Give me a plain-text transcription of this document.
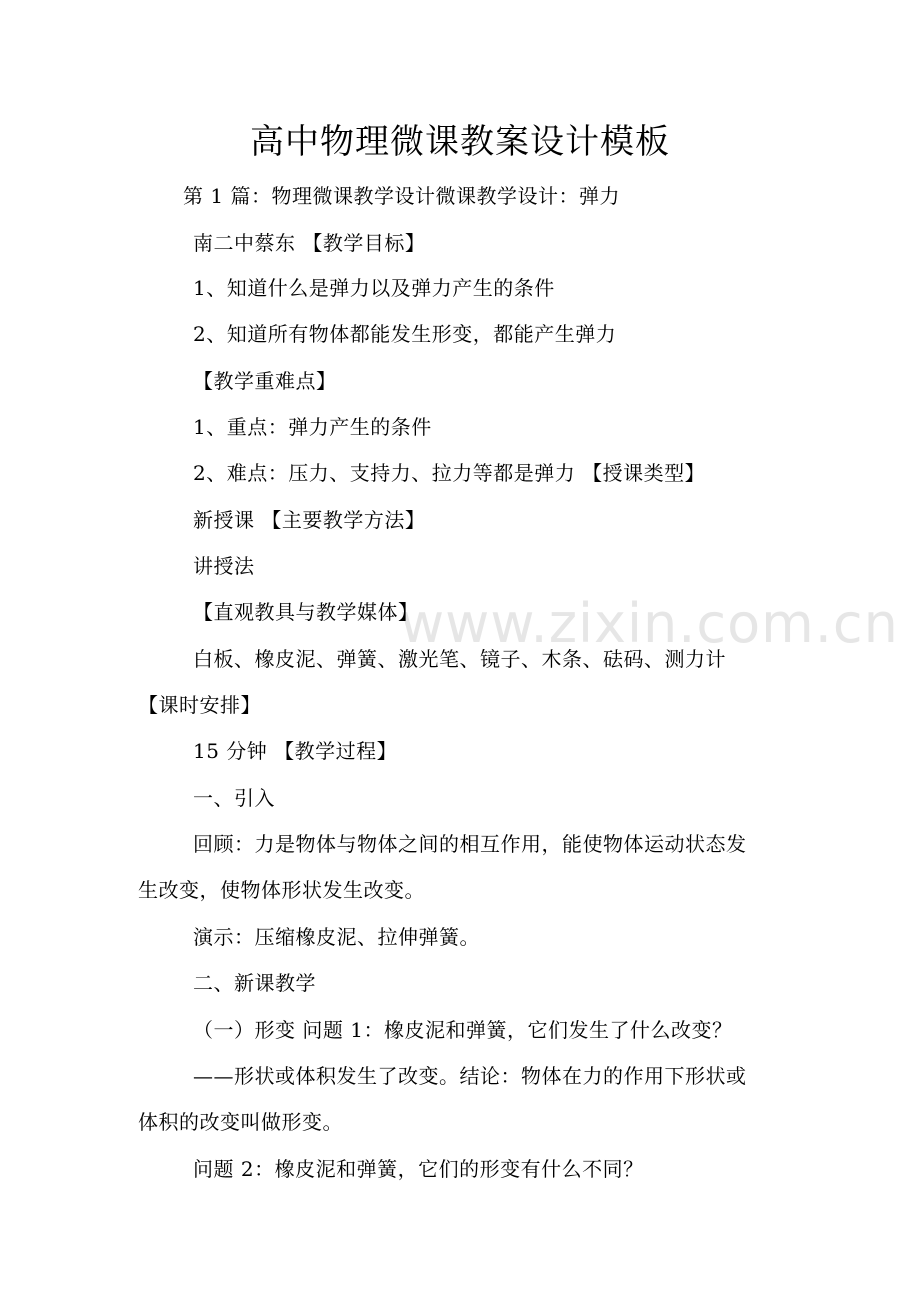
www.zixin.com.cn
高中物理微课教案设计模板
第 1 篇：物理微课教学设计微课教学设计：弹力
南二中蔡东 【教学目标】
1、知道什么是弹力以及弹力产生的条件
2、知道所有物体都能发生形变，都能产生弹力
【教学重难点】
1、重点：弹力产生的条件
2、难点：压力、支持力、拉力等都是弹力 【授课类型】
新授课 【主要教学方法】
讲授法
【直观教具与教学媒体】
白板、橡皮泥、弹簧、激光笔、镜子、木条、砝码、测力计
【课时安排】
15 分钟 【教学过程】
一、引入
回顾：力是物体与物体之间的相互作用，能使物体运动状态发
生改变，使物体形状发生改变。
演示：压缩橡皮泥、拉伸弹簧。
二、新课教学
（一）形变 问题 1：橡皮泥和弹簧，它们发生了什么改变？
——形状或体积发生了改变。结论：物体在力的作用下形状或
体积的改变叫做形变。
问题 2：橡皮泥和弹簧，它们的形变有什么不同？
